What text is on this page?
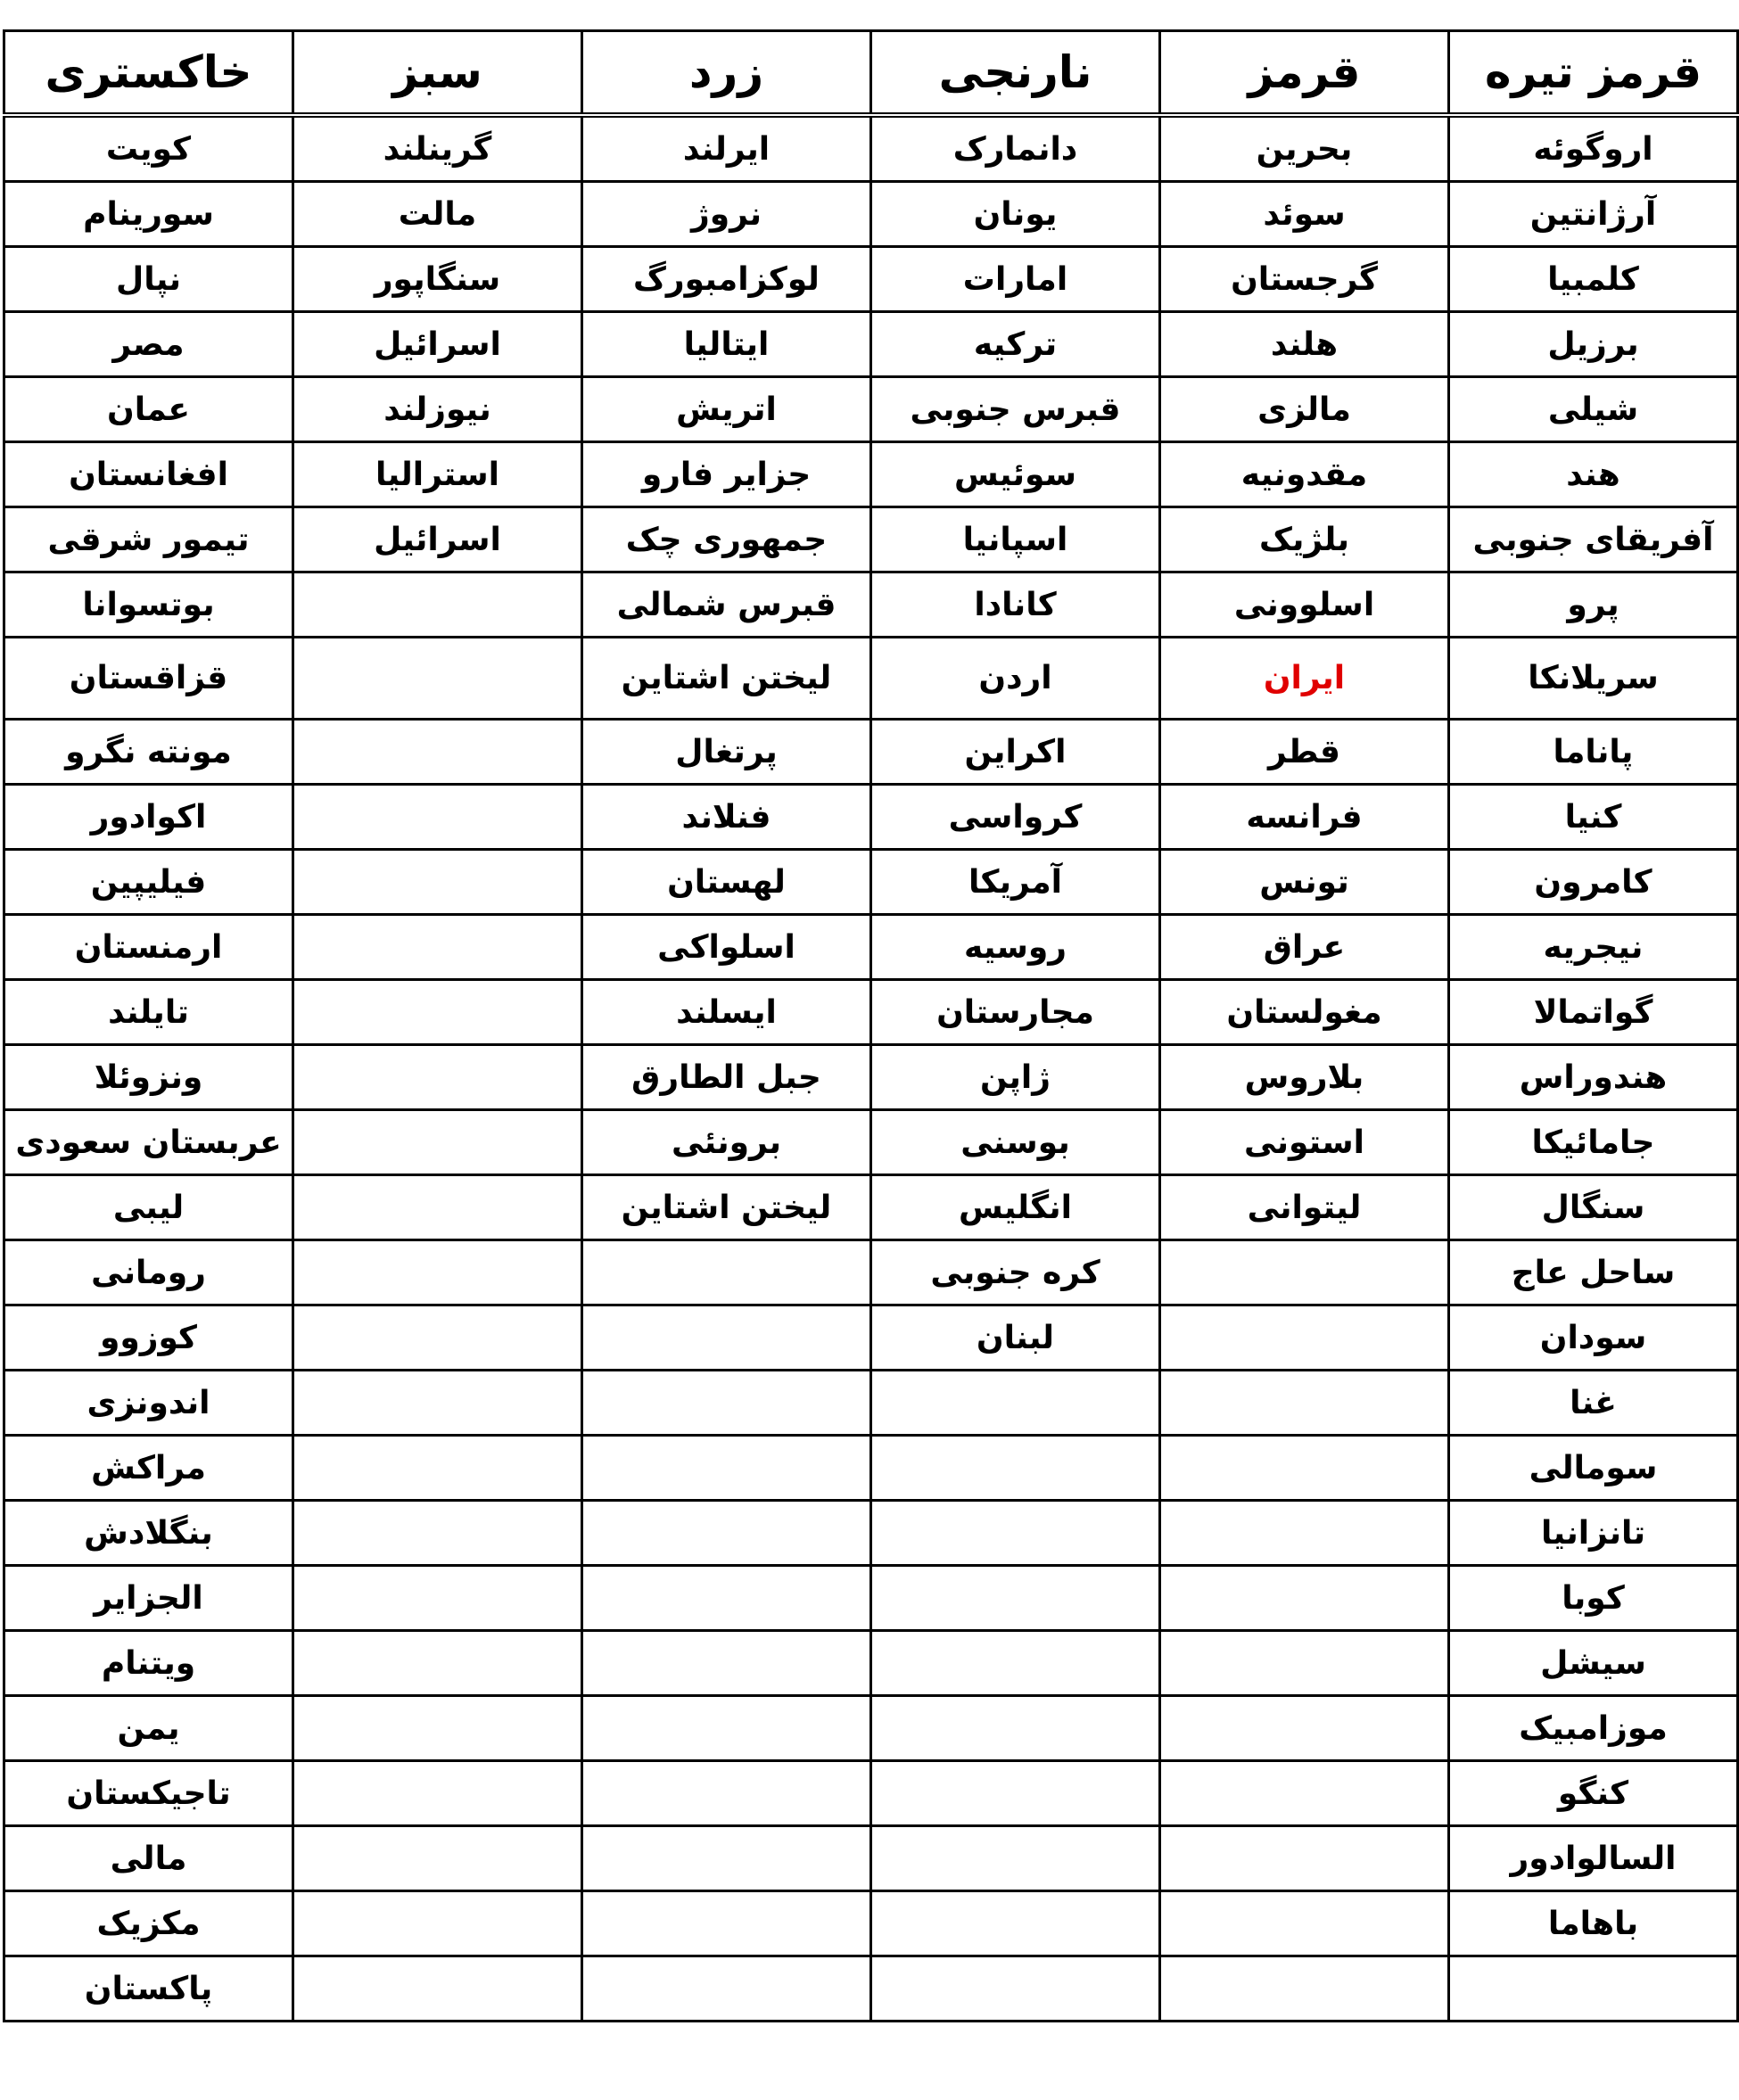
قرمز تیره	قرمز	نارنجی	زرد	سبز	خاکستری
اروگوئه	بحرین	دانمارک	ایرلند	گرینلند	کویت
آرژانتین	سوئد	یونان	نروژ	مالت	سورینام
کلمبیا	گرجستان	امارات	لوکزامبورگ	سنگاپور	نپال
برزیل	هلند	ترکیه	ایتالیا	اسرائیل	مصر
شیلی	مالزی	قبرس جنوبی	اتریش	نیوزلند	عمان
هند	مقدونیه	سوئیس	جزایر فارو	استرالیا	افغانستان
آفریقای جنوبی	بلژیک	اسپانیا	جمهوری چک	اسرائیل	تیمور شرقی
پرو	اسلوونی	کانادا	قبرس شمالی		بوتسوانا
سریلانکا	ایران	اردن	لیختن اشتاین		قزاقستان
پاناما	قطر	اکراین	پرتغال		مونته نگرو
کنیا	فرانسه	کرواسی	فنلاند		اکوادور
کامرون	تونس	آمریکا	لهستان		فیلیپین
نیجریه	عراق	روسیه	اسلواکی		ارمنستان
گواتمالا	مغولستان	مجارستان	ایسلند		تایلند
هندوراس	بلاروس	ژاپن	جبل الطارق		ونزوئلا
جامائیکا	استونی	بوسنی	برونئی		عربستان سعودی
سنگال	لیتوانی	انگلیس	لیختن اشتاین		لیبی
ساحل عاج		کره جنوبی			رومانی
سودان		لبنان			کوزوو
غنا					اندونزی
سومالی					مراکش
تانزانیا					بنگلادش
کوبا					الجزایر
سیشل					ویتنام
موزامبیک					یمن
کنگو					تاجیکستان
السالوادور					مالی
باهاما					مکزیک
					پاکستان
